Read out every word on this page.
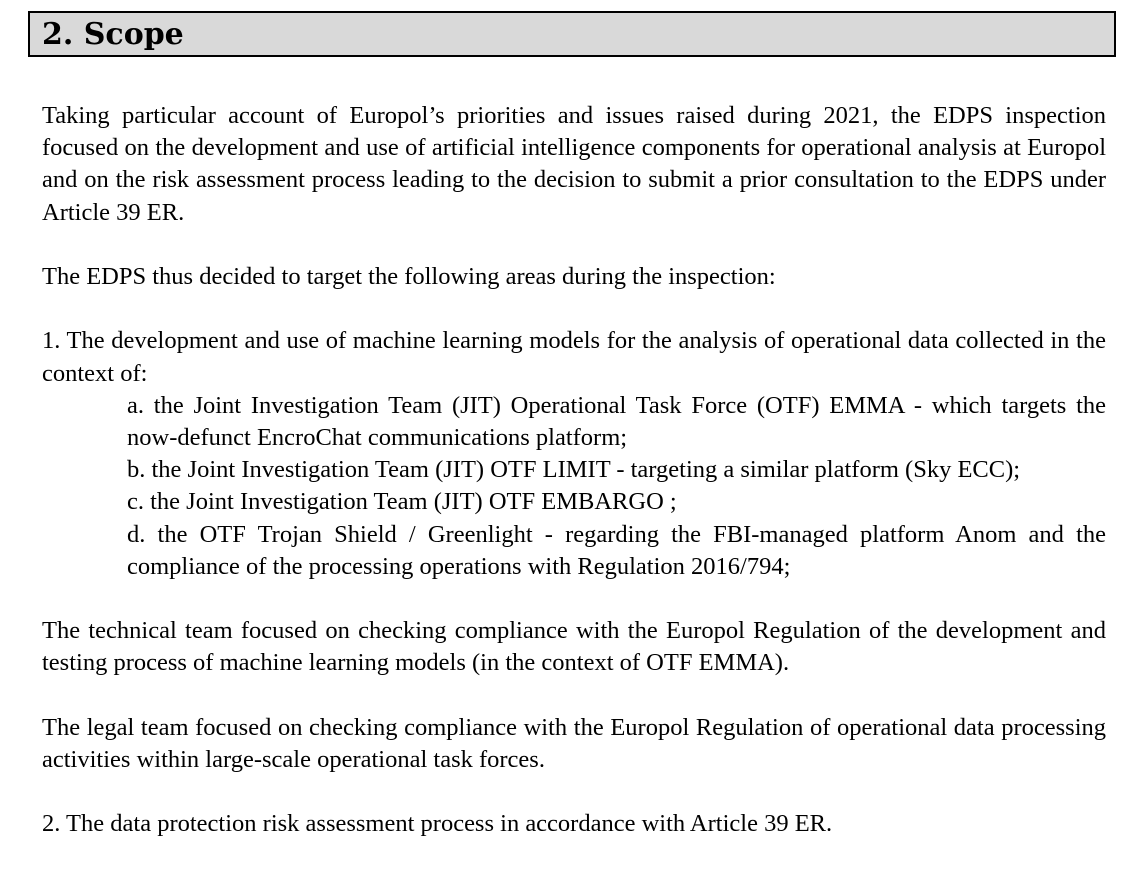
2. Scope

Taking particular account of Europol’s priorities and issues raised during 2021, the EDPS inspection focused on the development and use of artificial intelligence components for operational analysis at Europol and on the risk assessment process leading to the decision to submit a prior consultation to the EDPS under Article 39 ER.

The EDPS thus decided to target the following areas during the inspection:

1. The development and use of machine learning models for the analysis of operational data collected in the context of:

a. the Joint Investigation Team (JIT) Operational Task Force (OTF) EMMA - which targets the now-defunct EncroChat communications platform;
b. the Joint Investigation Team (JIT) OTF LIMIT - targeting a similar platform (Sky ECC);
c. the Joint Investigation Team (JIT) OTF EMBARGO ;
d. the OTF Trojan Shield / Greenlight - regarding the FBI-managed platform Anom and the compliance of the processing operations with Regulation 2016/794;

The technical team focused on checking compliance with the Europol Regulation of the development and testing process of machine learning models (in the context of OTF EMMA).

The legal team focused on checking compliance with the Europol Regulation of operational data processing activities within large-scale operational task forces.

2. The data protection risk assessment process in accordance with Article 39 ER.
